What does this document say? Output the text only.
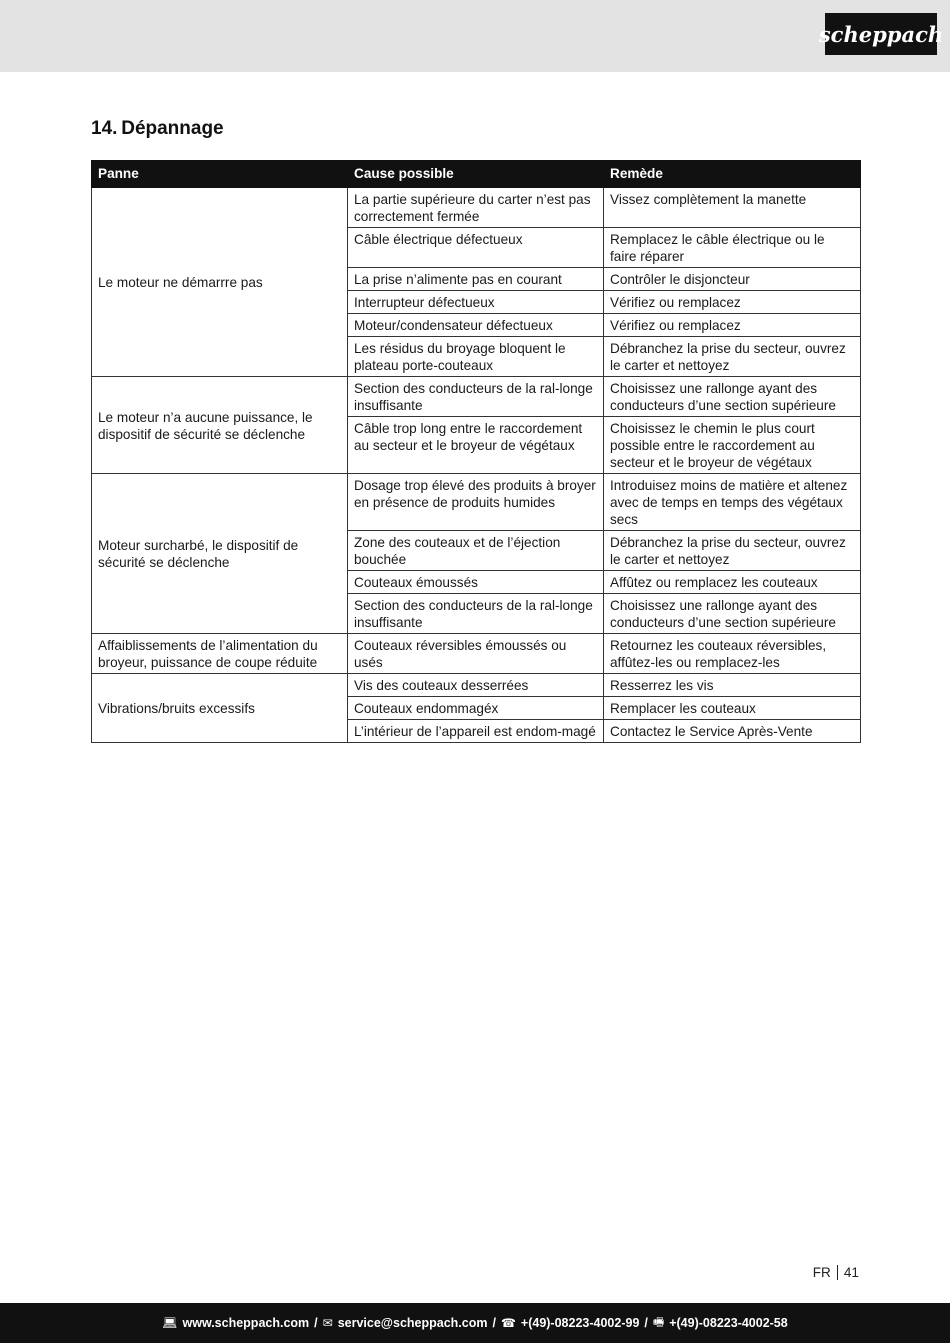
scheppach
14. Dépannage
Panne	Cause possible	Remède
Le moteur ne démarrre pas	La partie supérieure du carter n’est pas correctement fermée	Vissez complètement la manette
	Câble électrique défectueux	Remplacez le câble électrique ou le faire réparer
	La prise n’alimente pas en courant	Contrôler le disjoncteur
	Interrupteur défectueux	Vérifiez ou remplacez
	Moteur/condensateur défectueux	Vérifiez ou remplacez
	Les résidus du broyage bloquent le plateau porte-couteaux	Débranchez la prise du secteur, ouvrez le carter et nettoyez
Le moteur n’a aucune puissance, le dispositif de sécurité se déclenche	Section des conducteurs de la ral-longe insuffisante	Choisissez une rallonge ayant des conducteurs d’une section supérieure
	Câble trop long entre le raccordement au secteur et le broyeur de végétaux	Choisissez le chemin le plus court possible entre le raccordement au secteur et le broyeur de végétaux
Moteur surcharbé, le dispositif de sécurité se déclenche	Dosage trop élevé des produits à broyer en présence de produits humides	Introduisez moins de matière et altenez avec de temps en temps des végétaux secs
	Zone des couteaux et de l’éjection bouchée	Débranchez la prise du secteur, ouvrez le carter et nettoyez
	Couteaux émoussés	Affûtez ou remplacez les couteaux
	Section des conducteurs de la ral-longe insuffisante	Choisissez une rallonge ayant des conducteurs d’une section supérieure
Affaiblissements de l’alimentation du broyeur, puissance de coupe réduite	Couteaux réversibles émoussés ou usés	Retournez les couteaux réversibles, affûtez-les ou remplacez-les
Vibrations/bruits excessifs	Vis des couteaux desserrées	Resserrez les vis
	Couteaux endommagéx	Remplacer les couteaux
	L’intérieur de l’appareil est endom-magé	Contactez le Service Après-Vente
FR 41
💻︎ www.scheppach.com / ✉︎ service@scheppach.com / ☎︎ +(49)-08223-4002-99 / 🖷︎ +(49)-08223-4002-58
